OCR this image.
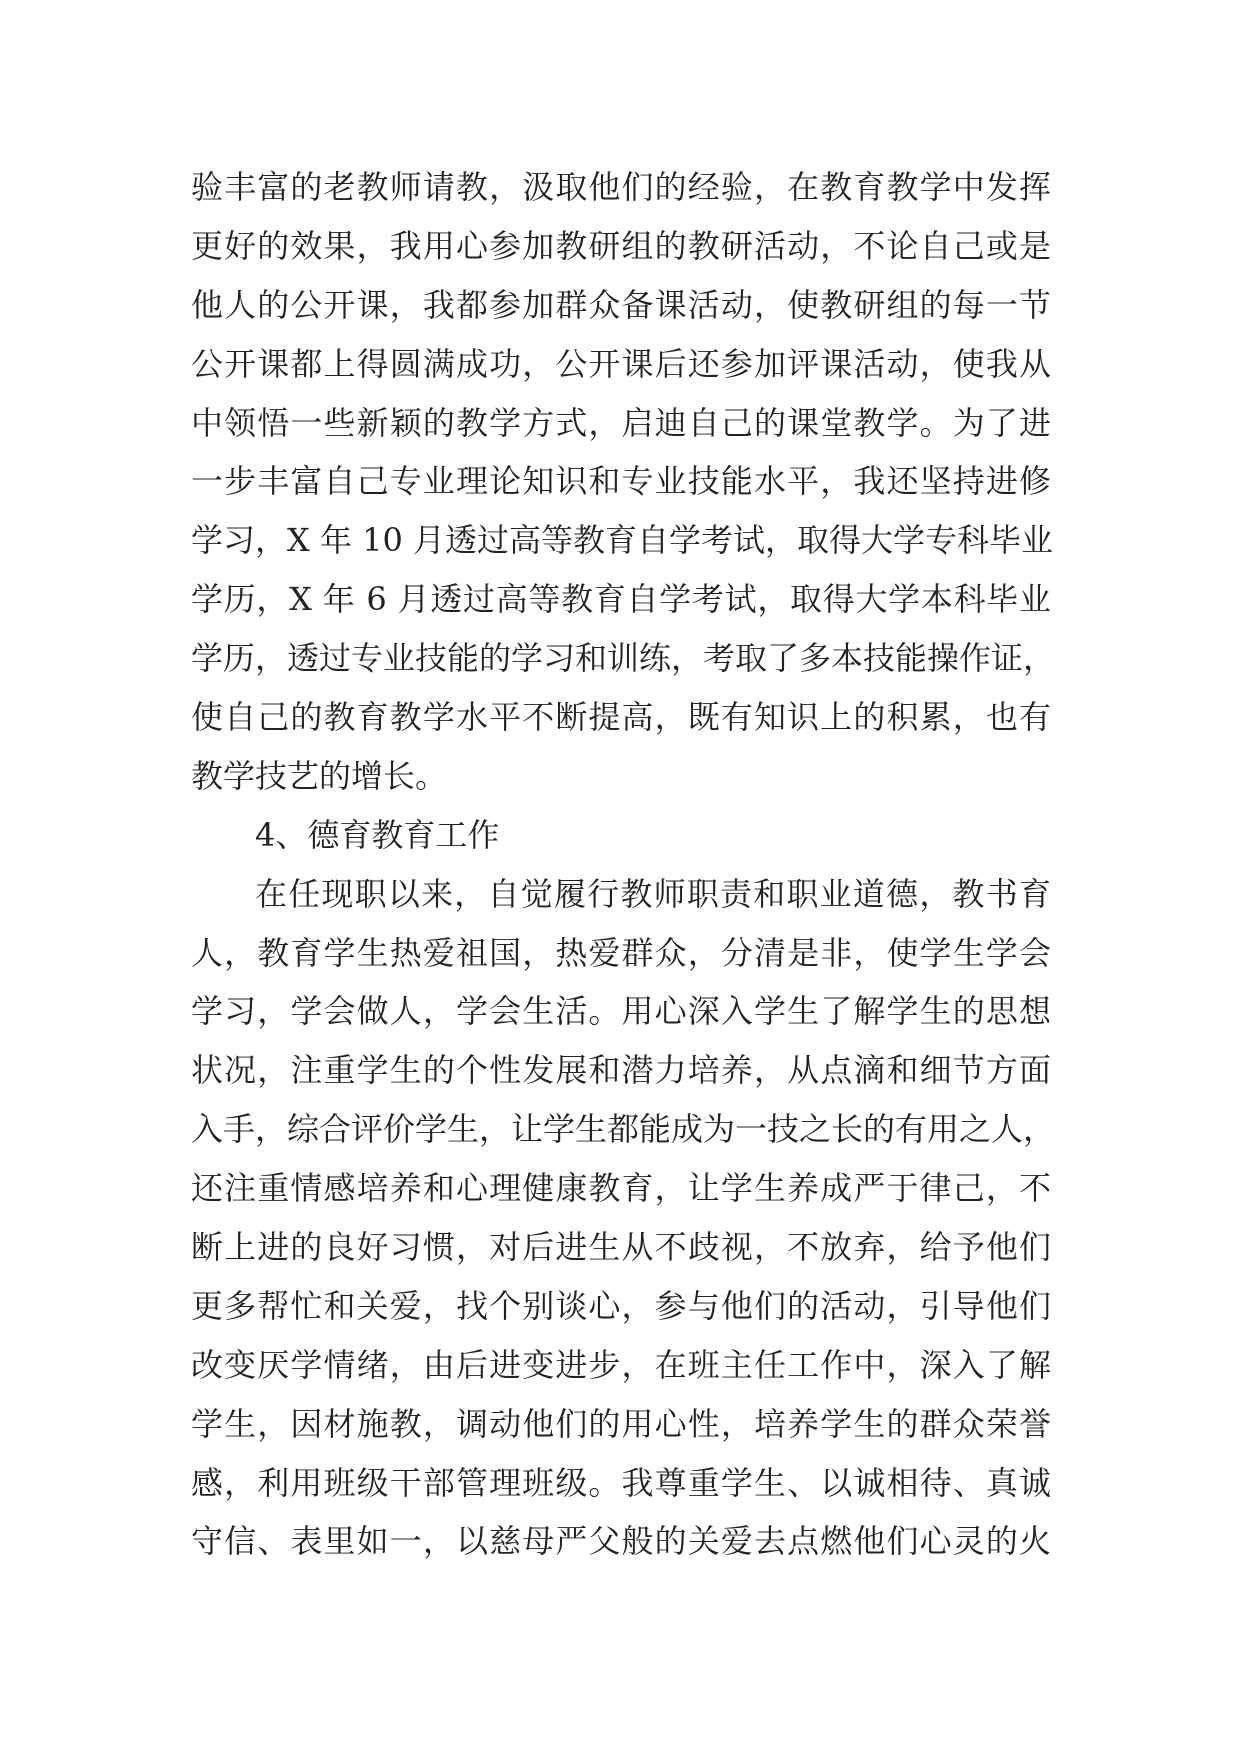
验丰富的老教师请教，汲取他们的经验，在教育教学中发挥
更好的效果，我用心参加教研组的教研活动，不论自己或是
他人的公开课，我都参加群众备课活动，使教研组的每一节
公开课都上得圆满成功，公开课后还参加评课活动，使我从
中领悟一些新颖的教学方式，启迪自己的课堂教学。为了进
一步丰富自己专业理论知识和专业技能水平，我还坚持进修
学习，X 年 10 月透过高等教育自学考试，取得大学专科毕业
学历，X 年 6 月透过高等教育自学考试，取得大学本科毕业
学历，透过专业技能的学习和训练，考取了多本技能操作证，
使自己的教育教学水平不断提高，既有知识上的积累，也有
教学技艺的增长。
4、德育教育工作
在任现职以来，自觉履行教师职责和职业道德，教书育
人，教育学生热爱祖国，热爱群众，分清是非，使学生学会
学习，学会做人，学会生活。用心深入学生了解学生的思想
状况，注重学生的个性发展和潜力培养，从点滴和细节方面
入手，综合评价学生，让学生都能成为一技之长的有用之人，
还注重情感培养和心理健康教育，让学生养成严于律己，不
断上进的良好习惯，对后进生从不歧视，不放弃，给予他们
更多帮忙和关爱，找个别谈心，参与他们的活动，引导他们
改变厌学情绪，由后进变进步，在班主任工作中，深入了解
学生，因材施教，调动他们的用心性，培养学生的群众荣誉
感，利用班级干部管理班级。我尊重学生、以诚相待、真诚
守信、表里如一，以慈母严父般的关爱去点燃他们心灵的火
